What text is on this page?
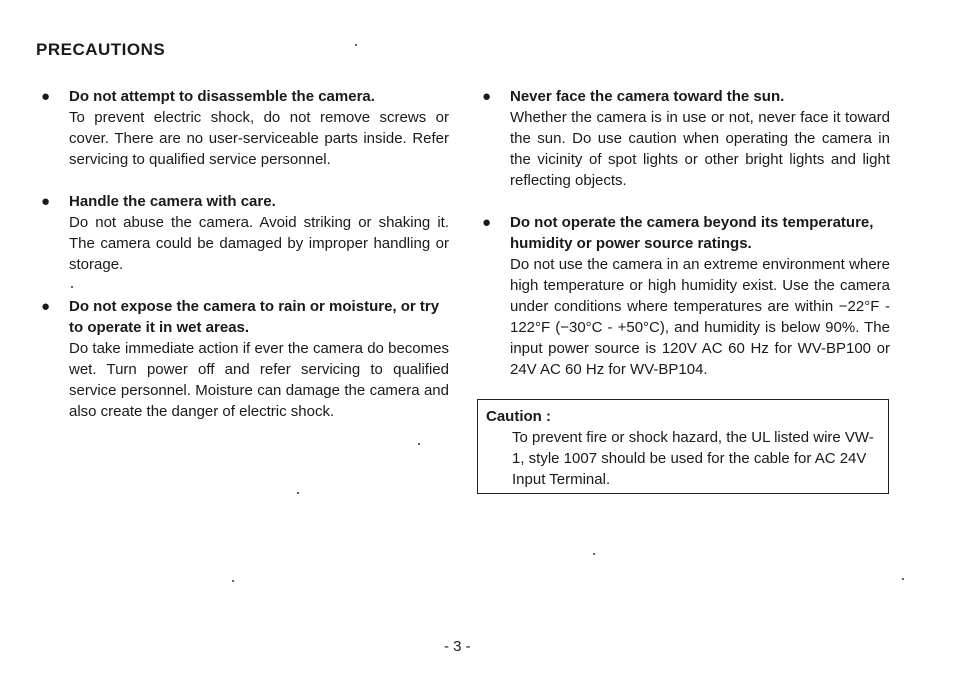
PRECAUTIONS
● Do not attempt to disassemble the camera.
To prevent electric shock, do not remove screws or cover. There are no user-serviceable parts inside. Refer servicing to qualified service personnel.
● Handle the camera with care.
Do not abuse the camera. Avoid striking or shaking it. The camera could be damaged by improper handling or storage.
● Do not expose the camera to rain or moisture, or try to operate it in wet areas.
Do take immediate action if ever the camera do becomes wet. Turn power off and refer servicing to qualified service personnel. Moisture can damage the camera and also create the danger of electric shock.
● Never face the camera toward the sun.
Whether the camera is in use or not, never face it toward the sun. Do use caution when operating the camera in the vicinity of spot lights or other bright lights and light reflecting objects.
● Do not operate the camera beyond its temperature, humidity or power source ratings.
Do not use the camera in an extreme environment where high temperature or high humidity exist. Use the camera under conditions where temperatures are within −22°F - 122°F (−30°C - +50°C), and humidity is below 90%. The input power source is 120V AC 60 Hz for WV-BP100 or 24V AC 60 Hz for WV-BP104.
Caution :
To prevent fire or shock hazard, the UL listed wire VW-1, style 1007 should be used for the cable for AC 24V Input Terminal.
- 3 -
